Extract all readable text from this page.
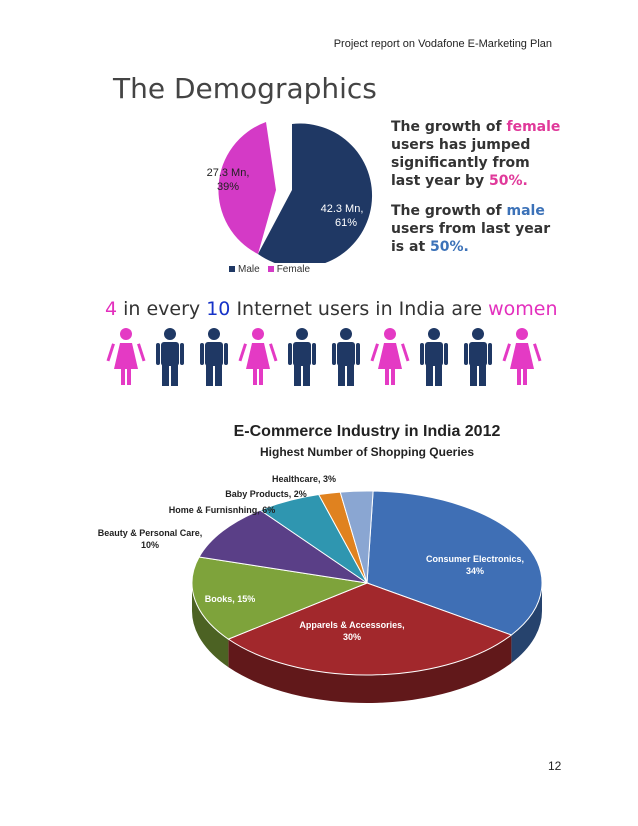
Project report on Vodafone E-Marketing Plan
The Demographics
27.3 Mn,
39%
42.3 Mn,
61%
Male	Female

The growth of female users has jumped significantly from last year by 50%.

The growth of male users from last year is at 50%.

4 in every 10 Internet users in India are women
E-Commerce Industry in India 2012
Highest Number of Shopping Queries
Consumer Electronics, 34%
Apparels & Accessories, 30%
Books, 15%
Beauty & Personal Care, 10%
Home & Furnisnhing, 6%
Baby Products, 2%
Healthcare, 3%
12
